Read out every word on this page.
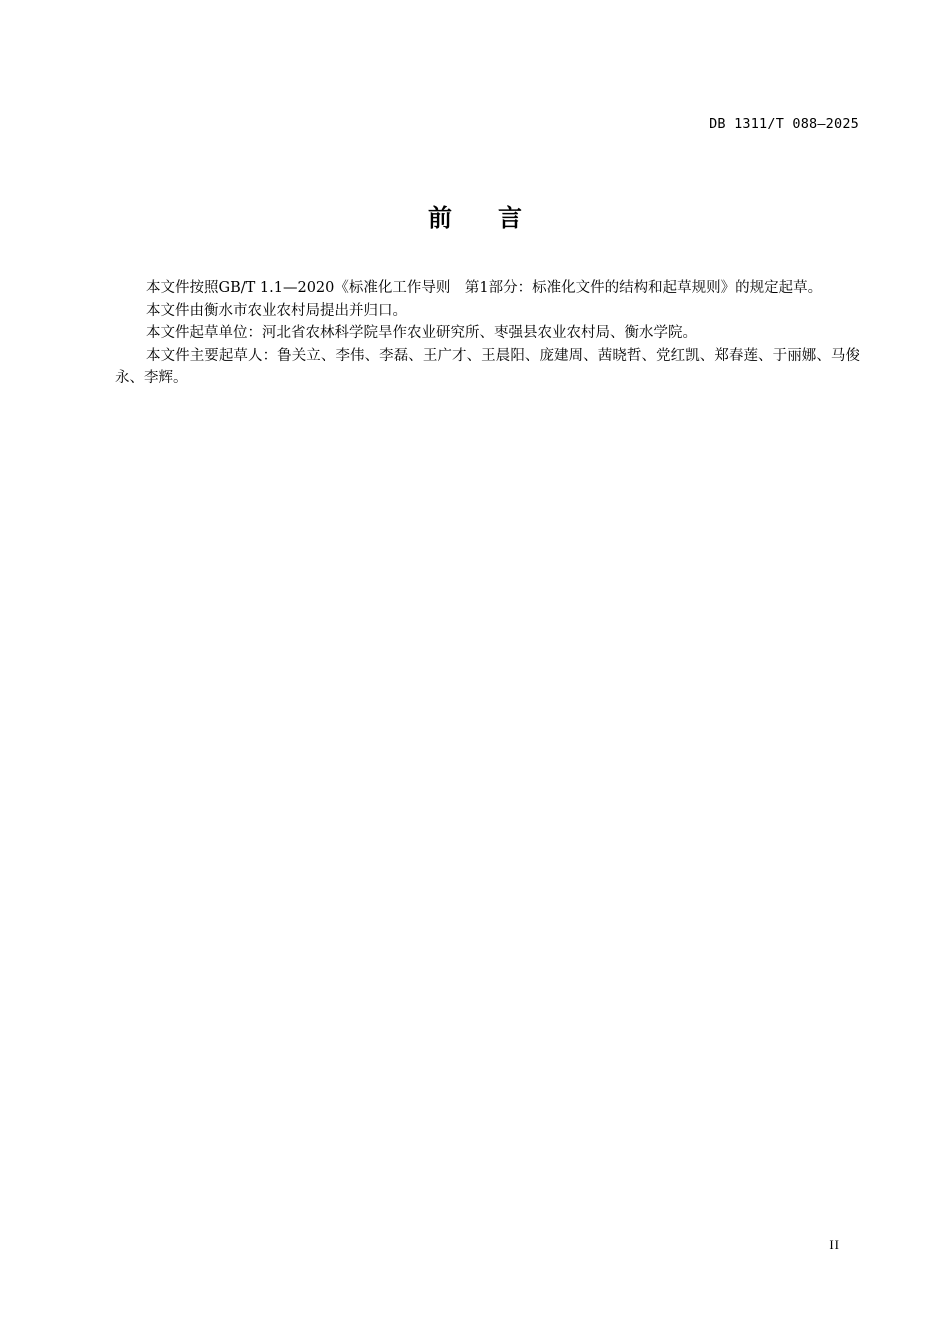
DB 1311/T 088—2025
前言

本文件按照GB/T 1.1—2020《标准化工作导则　第1部分：标准化文件的结构和起草规则》的规定起草。

本文件由衡水市农业农村局提出并归口。

本文件起草单位：河北省农林科学院旱作农业研究所、枣强县农业农村局、衡水学院。

本文件主要起草人：鲁关立、李伟、李磊、王广才、王晨阳、庞建周、茜晓哲、党红凯、郑春莲、于丽娜、马俊永、李辉。

II
